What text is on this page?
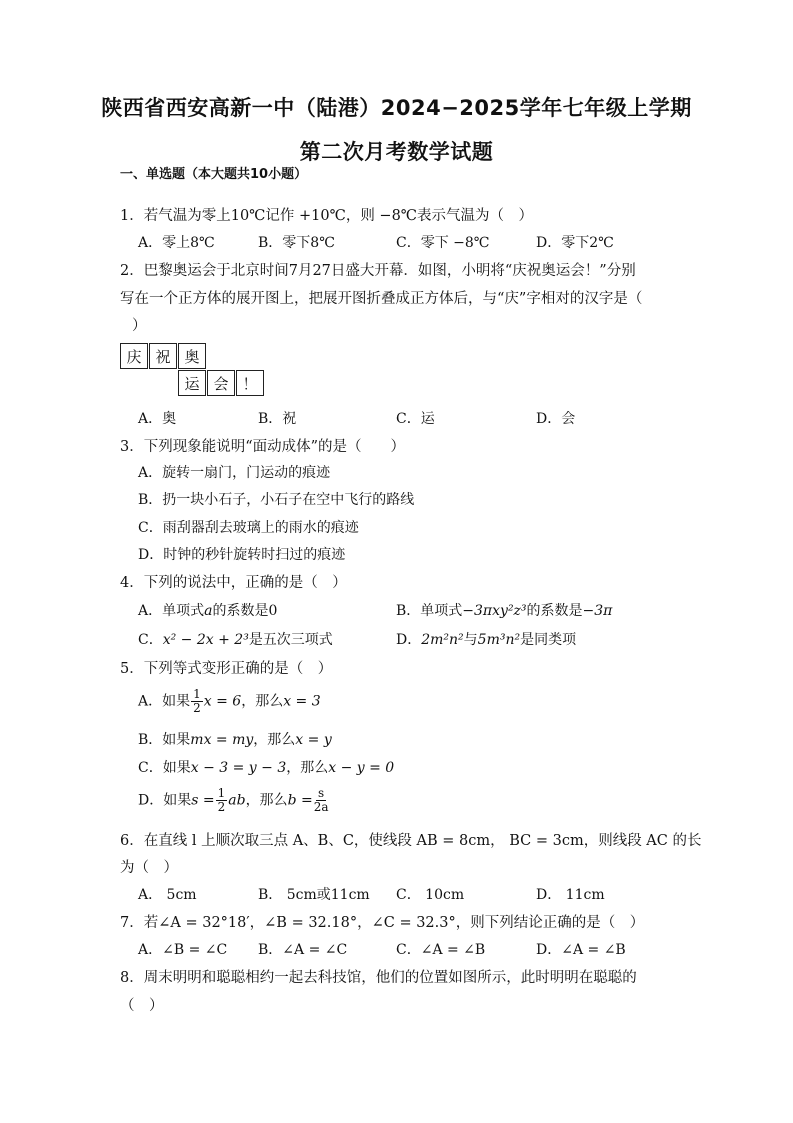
陕西省西安高新一中（陆港）2024−2025学年七年级上学期
第二次月考数学试题
一、单选题（本大题共10小题）
1．若气温为零上10℃记作 +10℃，则 −8℃表示气温为（　）
A．零上8℃	B．零下8℃	C．零下 −8℃	D．零下2℃
2．巴黎奥运会于北京时间7月27日盛大开幕．如图，小明将“庆祝奥运会！”分别
写在一个正方体的展开图上，把展开图折叠成正方体后，与“庆”字相对的汉字是（
）
庆 祝 奥
运 会 ！
A．奥	B．祝	C．运	D．会
3．下列现象能说明“面动成体”的是（　　）
A．旋转一扇门，门运动的痕迹
B．扔一块小石子，小石子在空中飞行的路线
C．雨刮器刮去玻璃上的雨水的痕迹
D．时钟的秒针旋转时扫过的痕迹
4．下列的说法中，正确的是（　）
A．单项式a的系数是0	B．单项式−3πxy²z³的系数是−3π
C．x² − 2x + 2³是五次三项式	D．2m²n²与5m³n²是同类项
5．下列等式变形正确的是（　）
A．如果 $\frac{1}{2}$ x = 6，那么x = 3
B．如果mx = my，那么x = y
C．如果x − 3 = y − 3，那么x − y = 0
D．如果$s = \frac{1}{2}$ ab，那么$b = \frac{s}{2a}$
6．在直线 l 上顺次取三点 A、B、C，使线段 AB = 8cm， BC = 3cm，则线段 AC 的长
为（　）
A． 5cm	B． 5cm或11cm C． 10cm	D． 11cm
7．若∠A = 32°18′，∠B = 32.18°，∠C = 32.3°，则下列结论正确的是（　）
A．∠B = ∠C B．∠A = ∠C	C．∠A = ∠B	D．∠A = ∠B
8．周末明明和聪聪相约一起去科技馆，他们的位置如图所示，此时明明在聪聪的
（　）
